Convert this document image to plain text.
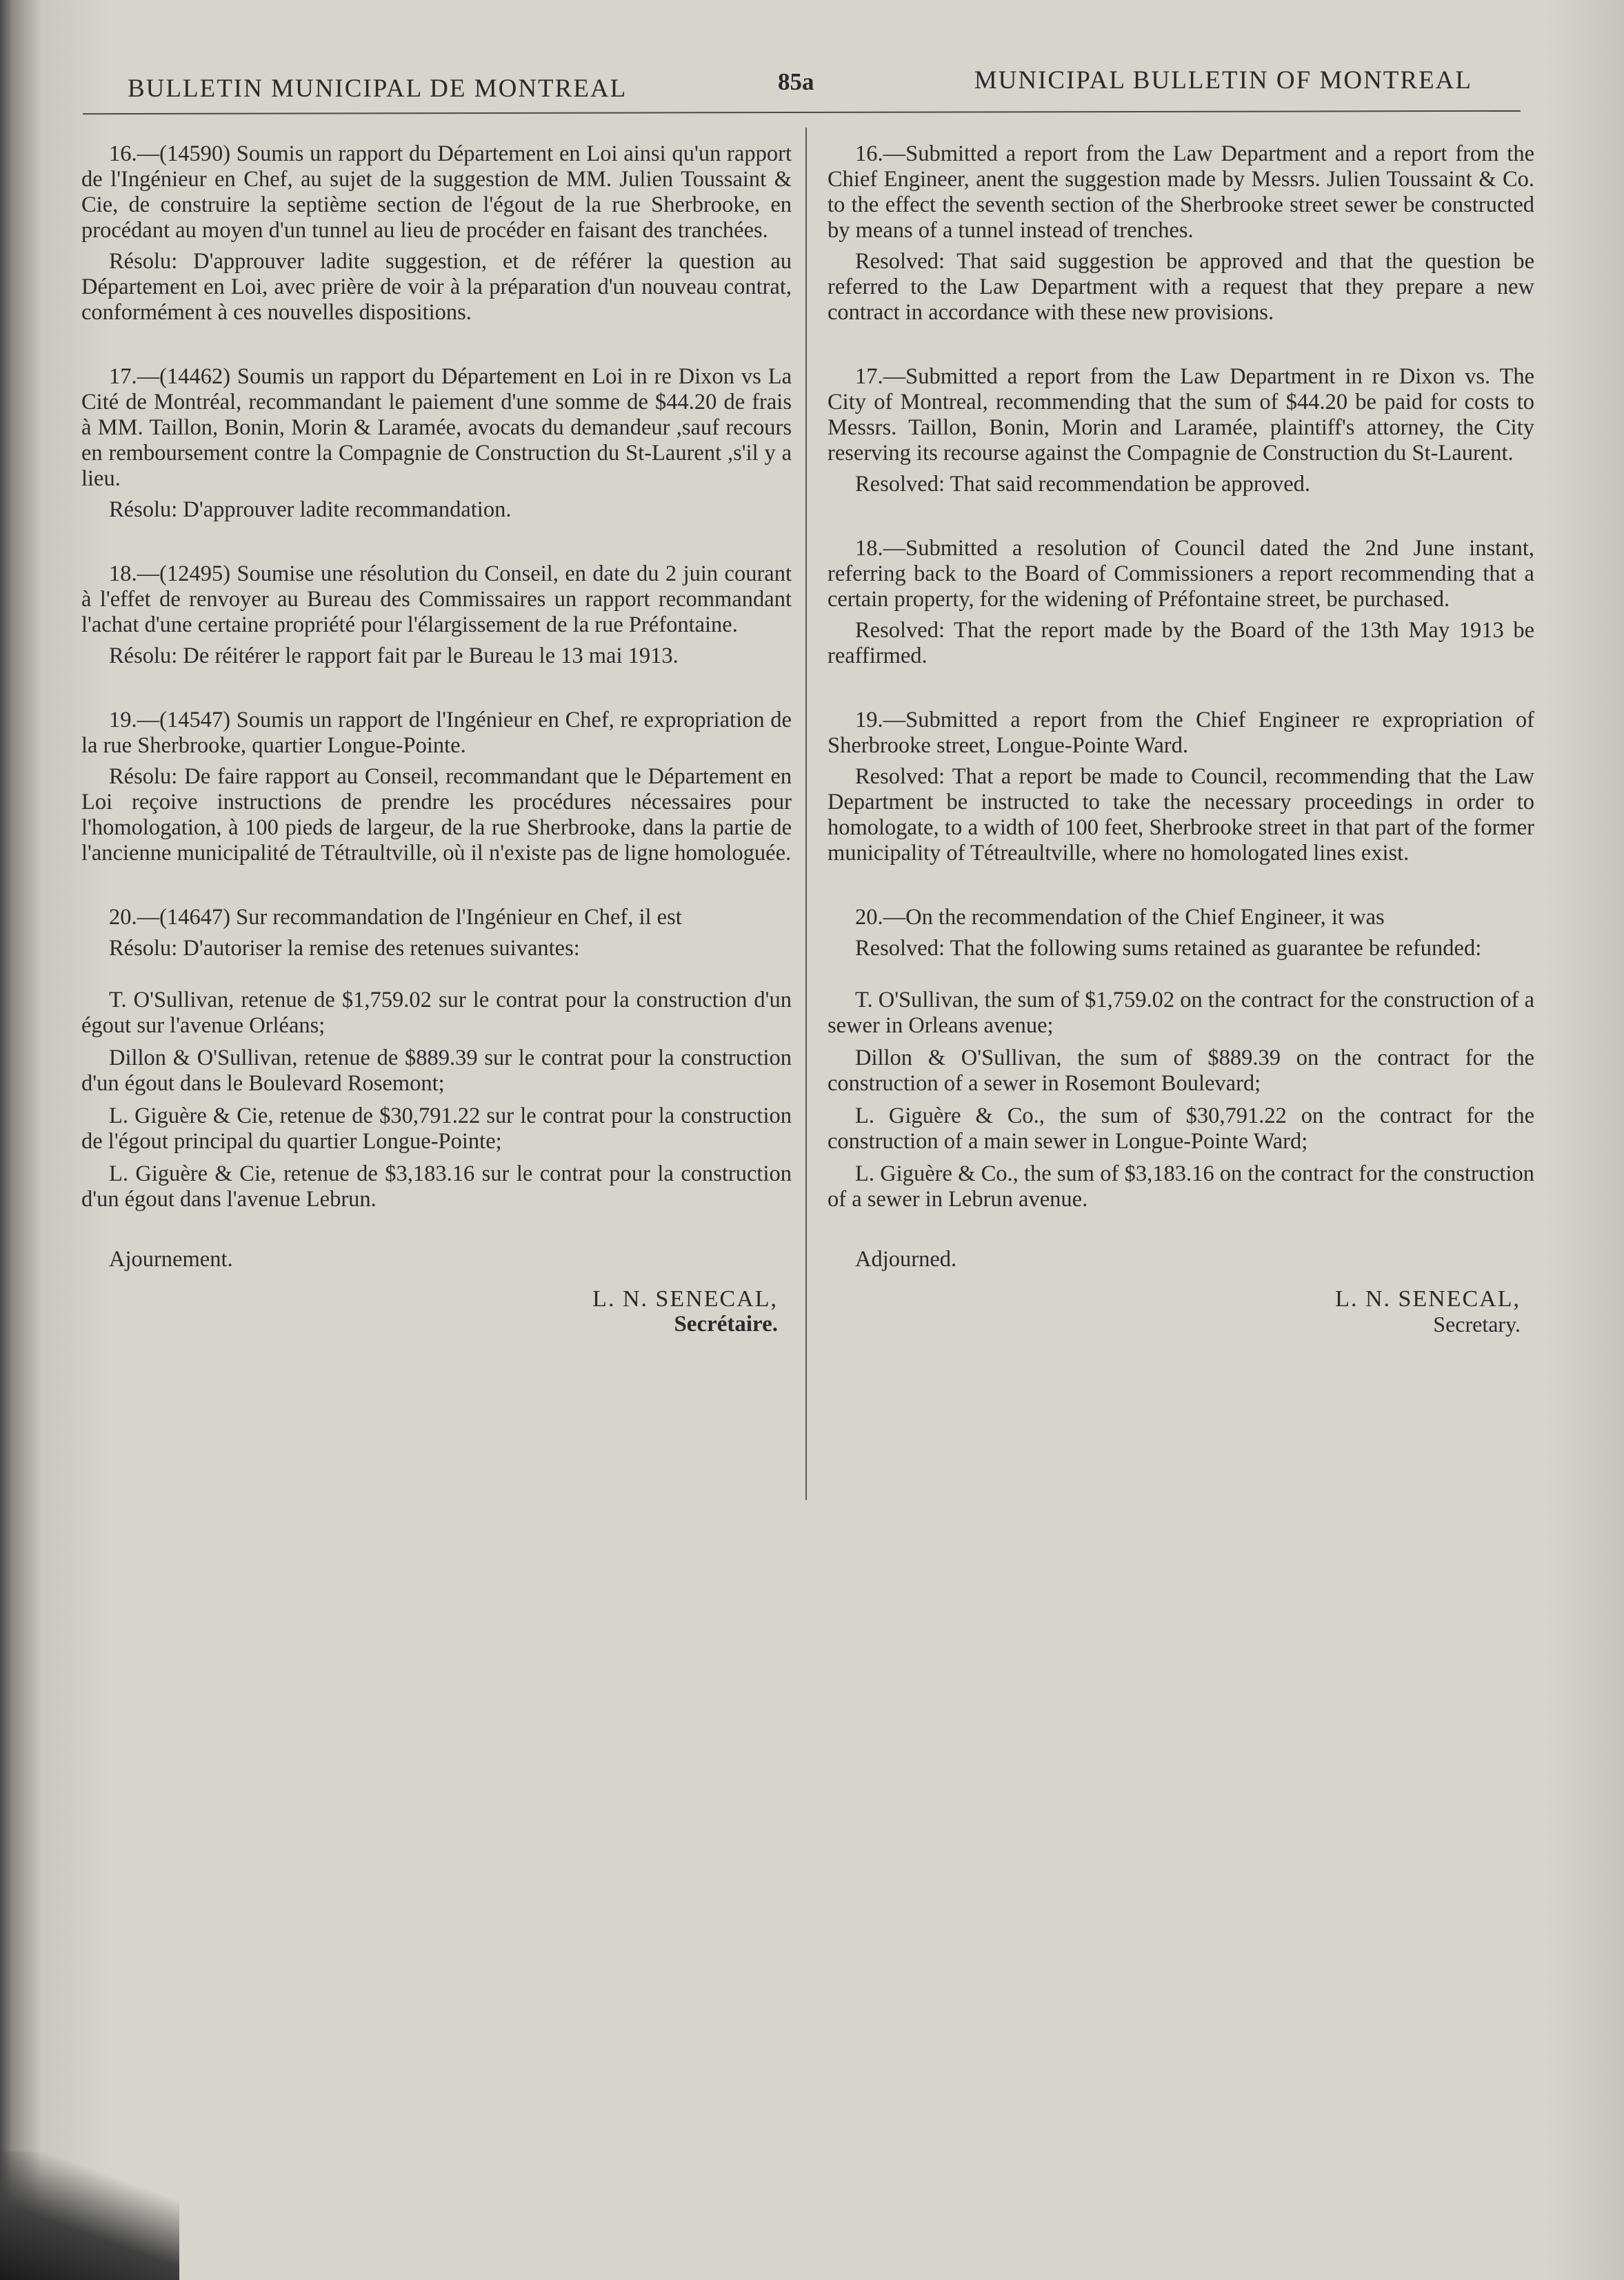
BULLETIN MUNICIPAL DE MONTREAL	85a	MUNICIPAL BULLETIN OF MONTREAL

16.—(14590) Soumis un rapport du Département en Loi ainsi qu'un rapport de l'Ingénieur en Chef, au sujet de la suggestion de MM. Julien Toussaint & Cie, de construire la septième section de l'égout de la rue Sherbrooke, en procédant au moyen d'un tunnel au lieu de procéder en faisant des tranchées.

Résolu: D'approuver ladite suggestion, et de référer la question au Département en Loi, avec prière de voir à la préparation d'un nouveau contrat, conformément à ces nouvelles dispositions.

17.—(14462) Soumis un rapport du Département en Loi in re Dixon vs La Cité de Montréal, recommandant le paiement d'une somme de $44.20 de frais à MM. Taillon, Bonin, Morin & Laramée, avocats du demandeur ,sauf recours en remboursement contre la Compagnie de Construction du St-Laurent ,s'il y a lieu.

Résolu: D'approuver ladite recommandation.

18.—(12495) Soumise une résolution du Conseil, en date du 2 juin courant à l'effet de renvoyer au Bureau des Commissaires un rapport recommandant l'achat d'une certaine propriété pour l'élargissement de la rue Préfontaine.

Résolu: De réitérer le rapport fait par le Bureau le 13 mai 1913.

19.—(14547) Soumis un rapport de l'Ingénieur en Chef, re expropriation de la rue Sherbrooke, quartier Longue-Pointe.

Résolu: De faire rapport au Conseil, recommandant que le Département en Loi reçoive instructions de prendre les procédures nécessaires pour l'homologation, à 100 pieds de largeur, de la rue Sherbrooke, dans la partie de l'ancienne municipalité de Tétraultville, où il n'existe pas de ligne homologuée.

20.—(14647) Sur recommandation de l'Ingénieur en Chef, il est

Résolu: D'autoriser la remise des retenues suivantes:

T. O'Sullivan, retenue de $1,759.02 sur le contrat pour la construction d'un égout sur l'avenue Orléans;

Dillon & O'Sullivan, retenue de $889.39 sur le contrat pour la construction d'un égout dans le Boulevard Rosemont;

L. Giguère & Cie, retenue de $30,791.22 sur le contrat pour la construction de l'égout principal du quartier Longue-Pointe;

L. Giguère & Cie, retenue de $3,183.16 sur le contrat pour la construction d'un égout dans l'avenue Lebrun.

Ajournement.

L. N. SENECAL,
Secrétaire.

16.—Submitted a report from the Law Department and a report from the Chief Engineer, anent the suggestion made by Messrs. Julien Toussaint & Co. to the effect the seventh section of the Sherbrooke street sewer be constructed by means of a tunnel instead of trenches.

Resolved: That said suggestion be approved and that the question be referred to the Law Department with a request that they prepare a new contract in accordance with these new provisions.

17.—Submitted a report from the Law Department in re Dixon vs. The City of Montreal, recommending that the sum of $44.20 be paid for costs to Messrs. Taillon, Bonin, Morin and Laramée, plaintiff's attorney, the City reserving its recourse against the Compagnie de Construction du St-Laurent.

Resolved: That said recommendation be approved.

18.—Submitted a resolution of Council dated the 2nd June instant, referring back to the Board of Commissioners a report recommending that a certain property, for the widening of Préfontaine street, be purchased.

Resolved: That the report made by the Board of the 13th May 1913 be reaffirmed.

19.—Submitted a report from the Chief Engineer re expropriation of Sherbrooke street, Longue-Pointe Ward.

Resolved: That a report be made to Council, recommending that the Law Department be instructed to take the necessary proceedings in order to homologate, to a width of 100 feet, Sherbrooke street in that part of the former municipality of Tétreaultville, where no homologated lines exist.

20.—On the recommendation of the Chief Engineer, it was

Resolved: That the following sums retained as guarantee be refunded:

T. O'Sullivan, the sum of $1,759.02 on the contract for the construction of a sewer in Orleans avenue;

Dillon & O'Sullivan, the sum of $889.39 on the contract for the construction of a sewer in Rosemont Boulevard;

L. Giguère & Co., the sum of $30,791.22 on the contract for the construction of a main sewer in Longue-Pointe Ward;

L. Giguère & Co., the sum of $3,183.16 on the contract for the construction of a sewer in Lebrun avenue.

Adjourned.

L. N. SENECAL,
Secretary.
